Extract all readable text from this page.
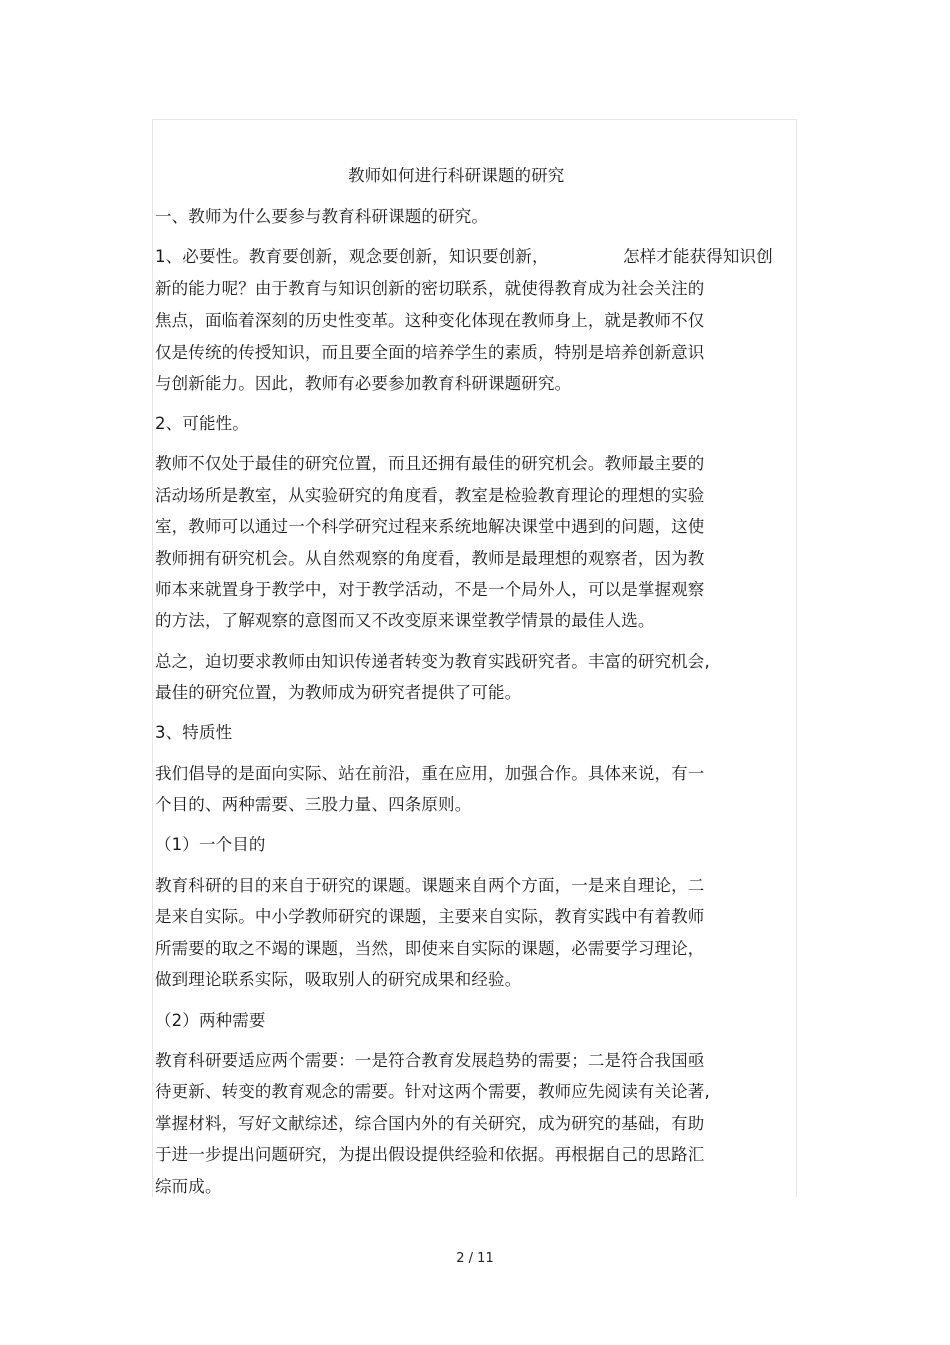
教师如何进行科研课题的研究
一、教师为什么要参与教育科研课题的研究。
1、必要性。教育要创新，观念要创新，知识要创新，	怎样才能获得知识创
新的能力呢？由于教育与知识创新的密切联系，就使得教育成为社会关注的
焦点，面临着深刻的历史性变革。这种变化体现在教师身上，就是教师不仅
仅是传统的传授知识，而且要全面的培养学生的素质，特别是培养创新意识
与创新能力。因此，教师有必要参加教育科研课题研究。
2、可能性。
教师不仅处于最佳的研究位置，而且还拥有最佳的研究机会。教师最主要的
活动场所是教室，从实验研究的角度看，教室是检验教育理论的理想的实验
室，教师可以通过一个科学研究过程来系统地解决课堂中遇到的问题，这使
教师拥有研究机会。从自然观察的角度看，教师是最理想的观察者，因为教
师本来就置身于教学中，对于教学活动，不是一个局外人，可以是掌握观察
的方法，了解观察的意图而又不改变原来课堂教学情景的最佳人选。
总之，迫切要求教师由知识传递者转变为教育实践研究者。丰富的研究机会,
最佳的研究位置，为教师成为研究者提供了可能。
3、特质性
我们倡导的是面向实际、站在前沿，重在应用，加强合作。具体来说，有一
个目的、两种需要、三股力量、四条原则。
（1）一个目的
教育科研的目的来自于研究的课题。课题来自两个方面，一是来自理论，二
是来自实际。中小学教师研究的课题，主要来自实际，教育实践中有着教师
所需要的取之不竭的课题，当然，即使来自实际的课题，必需要学习理论，
做到理论联系实际，吸取别人的研究成果和经验。
（2）两种需要
教育科研要适应两个需要：一是符合教育发展趋势的需要；二是符合我国亟
待更新、转变的教育观念的需要。针对这两个需要，教师应先阅读有关论著,
掌握材料，写好文献综述，综合国内外的有关研究，成为研究的基础，有助
于进一步提出问题研究，为提出假设提供经验和依据。再根据自己的思路汇
综而成。
2 / 11
